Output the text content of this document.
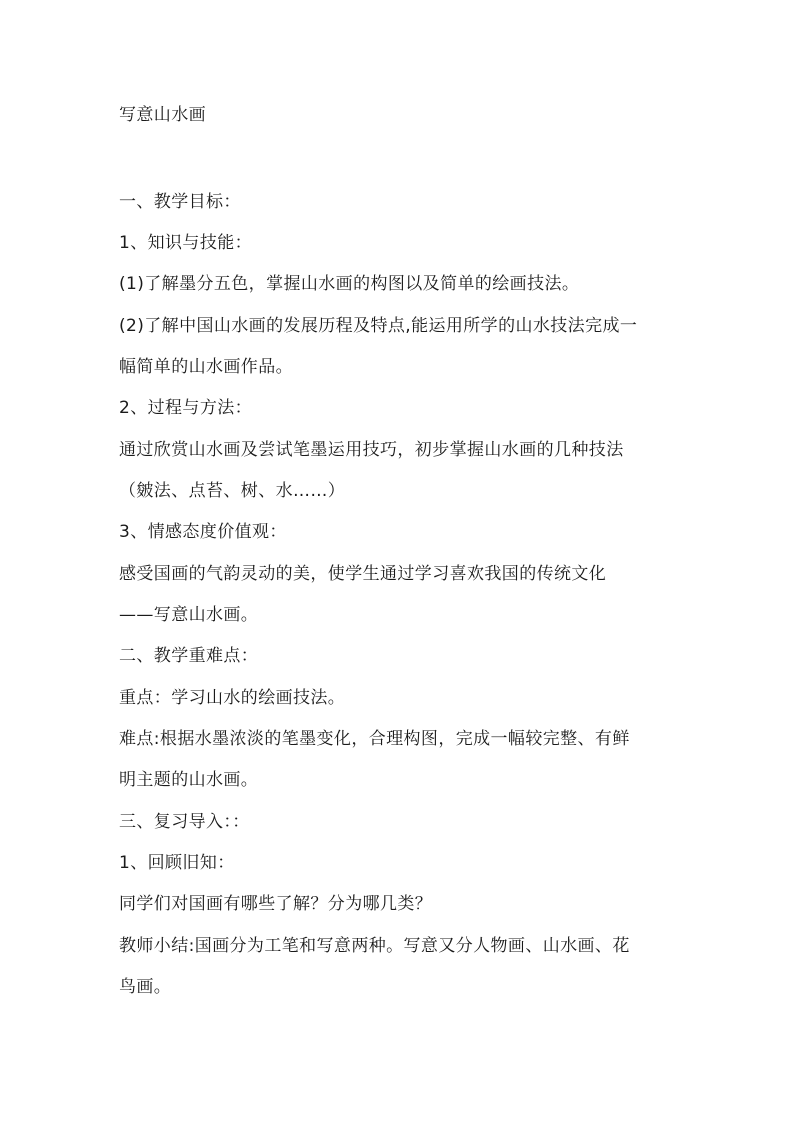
写意山水画
一、教学目标：
1、知识与技能：
(1)了解墨分五色，掌握山水画的构图以及简单的绘画技法。
(2)了解中国山水画的发展历程及特点,能运用所学的山水技法完成一
幅简单的山水画作品。
2、过程与方法：
通过欣赏山水画及尝试笔墨运用技巧，初步掌握山水画的几种技法
（皴法、点苔、树、水……）
3、情感态度价值观：
感受国画的气韵灵动的美，使学生通过学习喜欢我国的传统文化
——写意山水画。
二、教学重难点：
重点：学习山水的绘画技法。
难点:根据水墨浓淡的笔墨变化，合理构图，完成一幅较完整、有鲜
明主题的山水画。
三、复习导入：：
1、回顾旧知：
同学们对国画有哪些了解？分为哪几类？
教师小结:国画分为工笔和写意两种。写意又分人物画、山水画、花
鸟画。
